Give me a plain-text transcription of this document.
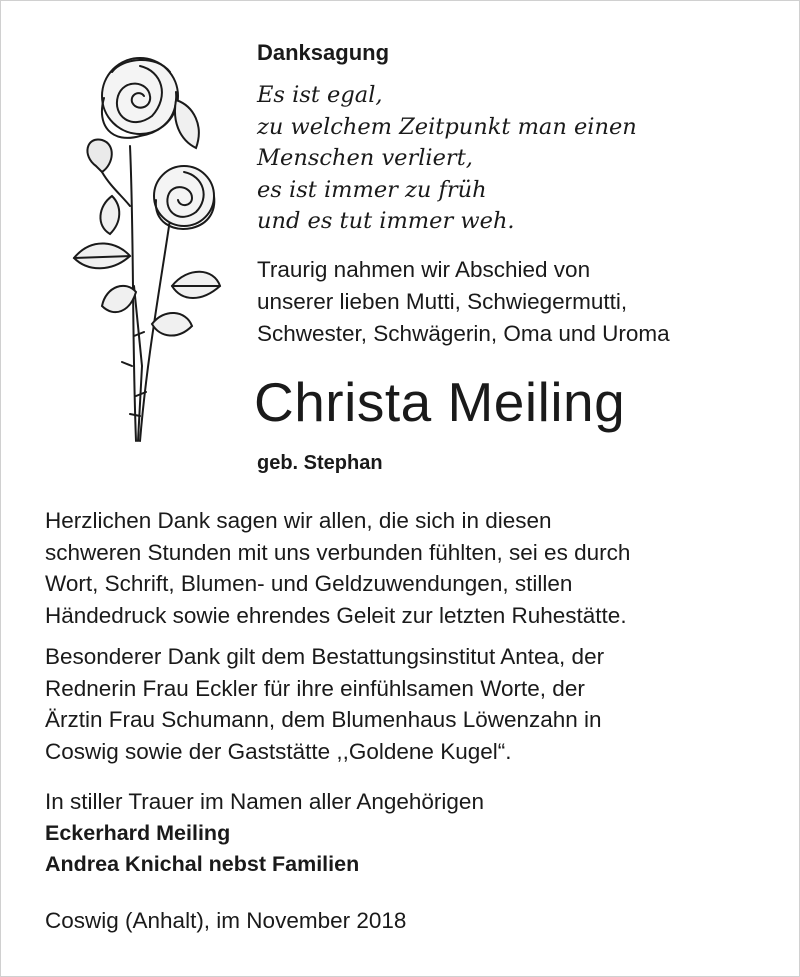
Danksagung
Es ist egal,
zu welchem Zeitpunkt man einen
Menschen verliert,
es ist immer zu früh
und es tut immer weh.
Traurig nahmen wir Abschied von
unserer lieben Mutti, Schwiegermutti,
Schwester, Schwägerin, Oma und Uroma
Christa Meiling
geb. Stephan
Herzlichen Dank sagen wir allen, die sich in diesen
schweren Stunden mit uns verbunden fühlten, sei es durch
Wort, Schrift, Blumen- und Geldzuwendungen, stillen
Händedruck sowie ehrendes Geleit zur letzten Ruhestätte.
Besonderer Dank gilt dem Bestattungsinstitut Antea, der
Rednerin Frau Eckler für ihre einfühlsamen Worte, der
Ärztin Frau Schumann, dem Blumenhaus Löwenzahn in
Coswig sowie der Gaststätte ,,Goldene Kugel“.
In stiller Trauer im Namen aller Angehörigen
Eckerhard Meiling
Andrea Knichal nebst Familien
Coswig (Anhalt), im November 2018
